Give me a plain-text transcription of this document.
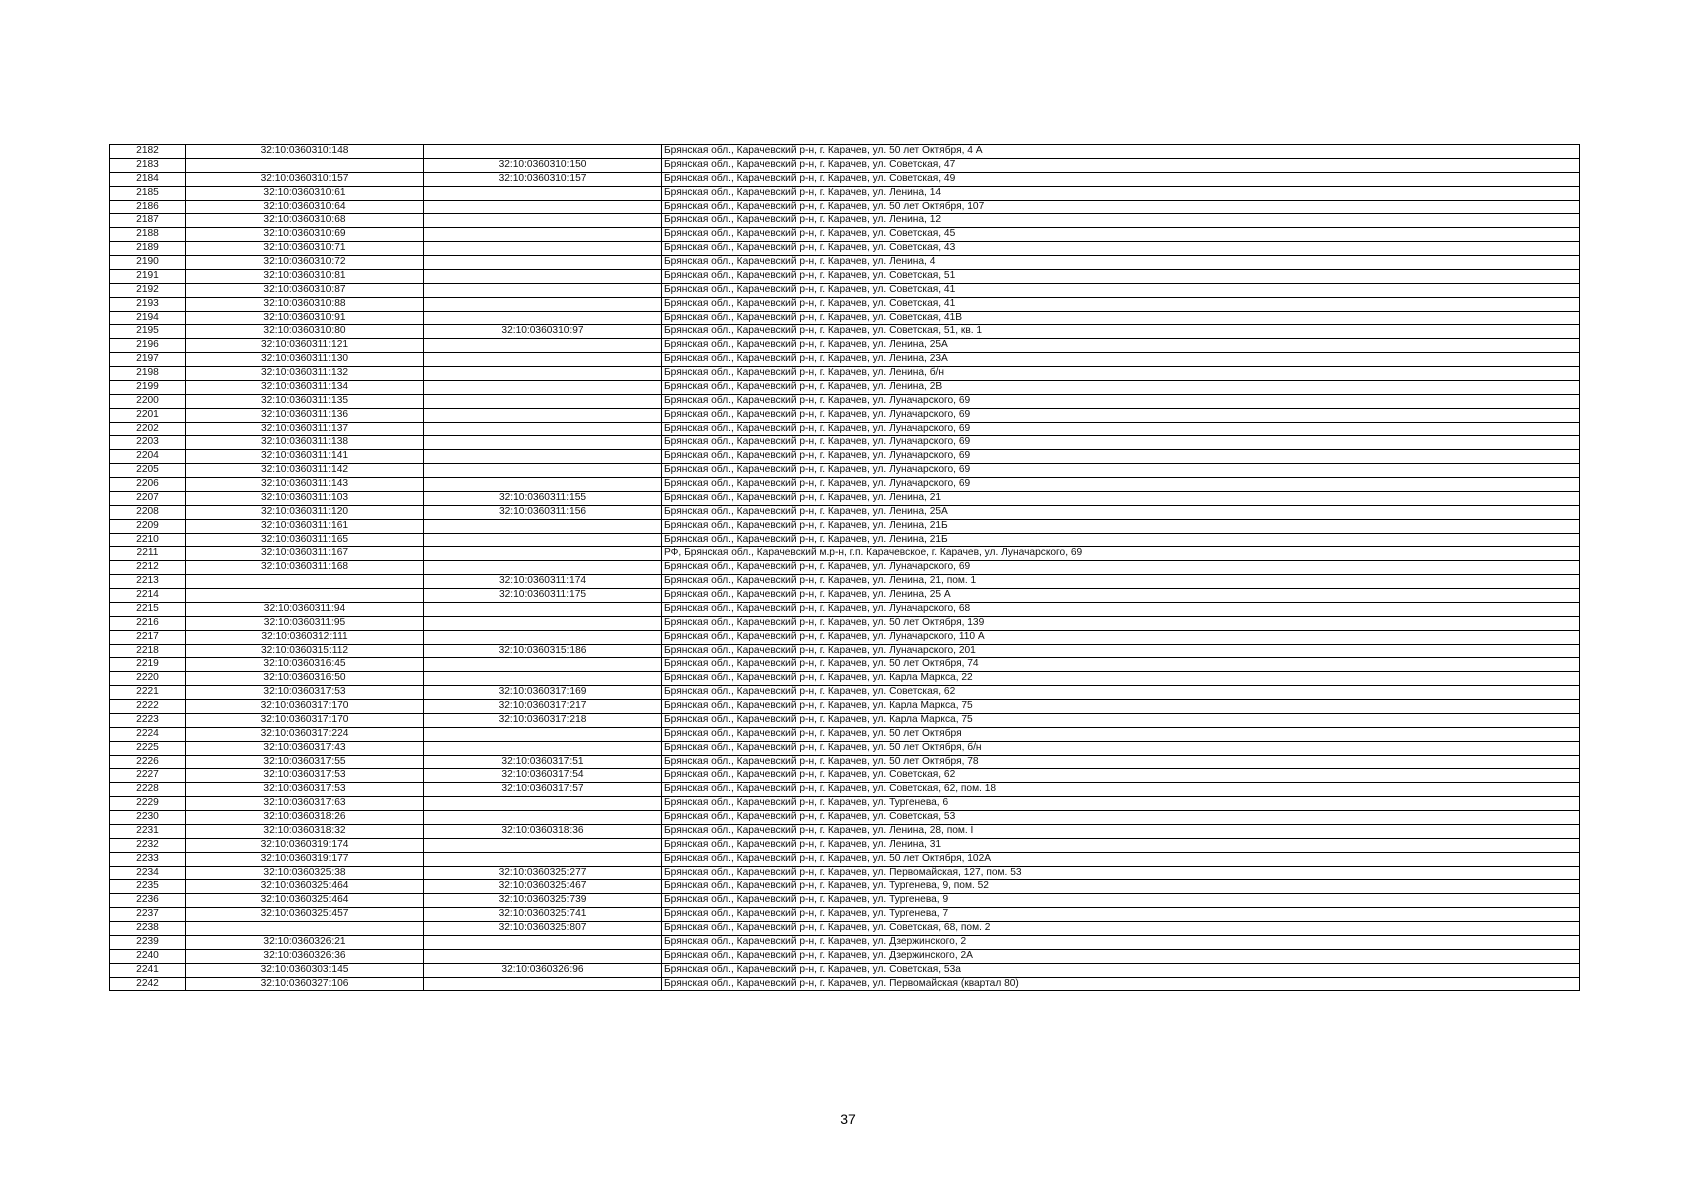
2182	32:10:0360310:148		Брянская обл., Карачевский р-н, г. Карачев, ул. 50 лет Октября, 4 А
2183		32:10:0360310:150	Брянская обл., Карачевский р-н, г. Карачев, ул. Советская, 47
2184	32:10:0360310:157	32:10:0360310:157	Брянская обл., Карачевский р-н, г. Карачев, ул. Советская, 49
2185	32:10:0360310:61		Брянская обл., Карачевский р-н, г. Карачев, ул. Ленина, 14
2186	32:10:0360310:64		Брянская обл., Карачевский р-н, г. Карачев, ул. 50 лет Октября, 107
2187	32:10:0360310:68		Брянская обл., Карачевский р-н, г. Карачев, ул. Ленина, 12
2188	32:10:0360310:69		Брянская обл., Карачевский р-н, г. Карачев, ул. Советская, 45
2189	32:10:0360310:71		Брянская обл., Карачевский р-н, г. Карачев, ул. Советская, 43
2190	32:10:0360310:72		Брянская обл., Карачевский р-н, г. Карачев, ул. Ленина, 4
2191	32:10:0360310:81		Брянская обл., Карачевский р-н, г. Карачев, ул. Советская, 51
2192	32:10:0360310:87		Брянская обл., Карачевский р-н, г. Карачев, ул. Советская, 41
2193	32:10:0360310:88		Брянская обл., Карачевский р-н, г. Карачев, ул. Советская, 41
2194	32:10:0360310:91		Брянская обл., Карачевский р-н, г. Карачев, ул. Советская, 41В
2195	32:10:0360310:80	32:10:0360310:97	Брянская обл., Карачевский р-н, г. Карачев, ул. Советская, 51, кв. 1
2196	32:10:0360311:121		Брянская обл., Карачевский р-н, г. Карачев, ул. Ленина, 25А
2197	32:10:0360311:130		Брянская обл., Карачевский р-н, г. Карачев, ул. Ленина, 23А
2198	32:10:0360311:132		Брянская обл., Карачевский р-н, г. Карачев, ул. Ленина, б/н
2199	32:10:0360311:134		Брянская обл., Карачевский р-н, г. Карачев, ул. Ленина, 2В
2200	32:10:0360311:135		Брянская обл., Карачевский р-н, г. Карачев, ул. Луначарского, 69
2201	32:10:0360311:136		Брянская обл., Карачевский р-н, г. Карачев, ул. Луначарского, 69
2202	32:10:0360311:137		Брянская обл., Карачевский р-н, г. Карачев, ул. Луначарского, 69
2203	32:10:0360311:138		Брянская обл., Карачевский р-н, г. Карачев, ул. Луначарского, 69
2204	32:10:0360311:141		Брянская обл., Карачевский р-н, г. Карачев, ул. Луначарского, 69
2205	32:10:0360311:142		Брянская обл., Карачевский р-н, г. Карачев, ул. Луначарского, 69
2206	32:10:0360311:143		Брянская обл., Карачевский р-н, г. Карачев, ул. Луначарского, 69
2207	32:10:0360311:103	32:10:0360311:155	Брянская обл., Карачевский р-н, г. Карачев, ул. Ленина, 21
2208	32:10:0360311:120	32:10:0360311:156	Брянская обл., Карачевский р-н, г. Карачев, ул. Ленина, 25А
2209	32:10:0360311:161		Брянская обл., Карачевский р-н, г. Карачев, ул. Ленина, 21Б
2210	32:10:0360311:165		Брянская обл., Карачевский р-н, г. Карачев, ул. Ленина, 21Б
2211	32:10:0360311:167		РФ, Брянская обл., Карачевский м.р-н, г.п. Карачевское, г. Карачев, ул. Луначарского, 69
2212	32:10:0360311:168		Брянская обл., Карачевский р-н, г. Карачев, ул. Луначарского, 69
2213		32:10:0360311:174	Брянская обл., Карачевский р-н, г. Карачев, ул. Ленина, 21, пом. 1
2214		32:10:0360311:175	Брянская обл., Карачевский р-н, г. Карачев, ул. Ленина, 25 А
2215	32:10:0360311:94		Брянская обл., Карачевский р-н, г. Карачев, ул. Луначарского, 68
2216	32:10:0360311:95		Брянская обл., Карачевский р-н, г. Карачев, ул. 50 лет Октября, 139
2217	32:10:0360312:111		Брянская обл., Карачевский р-н, г. Карачев, ул. Луначарского, 110 А
2218	32:10:0360315:112	32:10:0360315:186	Брянская обл., Карачевский р-н, г. Карачев, ул. Луначарского, 201
2219	32:10:0360316:45		Брянская обл., Карачевский р-н, г. Карачев, ул. 50 лет Октября, 74
2220	32:10:0360316:50		Брянская обл., Карачевский р-н, г. Карачев, ул. Карла Маркса, 22
2221	32:10:0360317:53	32:10:0360317:169	Брянская обл., Карачевский р-н, г. Карачев, ул. Советская, 62
2222	32:10:0360317:170	32:10:0360317:217	Брянская обл., Карачевский р-н, г. Карачев, ул. Карла Маркса, 75
2223	32:10:0360317:170	32:10:0360317:218	Брянская обл., Карачевский р-н, г. Карачев, ул. Карла Маркса, 75
2224	32:10:0360317:224		Брянская обл., Карачевский р-н, г. Карачев, ул. 50 лет Октября
2225	32:10:0360317:43		Брянская обл., Карачевский р-н, г. Карачев, ул. 50 лет Октября, б/н
2226	32:10:0360317:55	32:10:0360317:51	Брянская обл., Карачевский р-н, г. Карачев, ул. 50 лет Октября, 78
2227	32:10:0360317:53	32:10:0360317:54	Брянская обл., Карачевский р-н, г. Карачев, ул. Советская, 62
2228	32:10:0360317:53	32:10:0360317:57	Брянская обл., Карачевский р-н, г. Карачев, ул. Советская, 62, пом. 18
2229	32:10:0360317:63		Брянская обл., Карачевский р-н, г. Карачев, ул. Тургенева, 6
2230	32:10:0360318:26		Брянская обл., Карачевский р-н, г. Карачев, ул. Советская, 53
2231	32:10:0360318:32	32:10:0360318:36	Брянская обл., Карачевский р-н, г. Карачев, ул. Ленина, 28, пом. I
2232	32:10:0360319:174		Брянская обл., Карачевский р-н, г. Карачев, ул. Ленина, 31
2233	32:10:0360319:177		Брянская обл., Карачевский р-н, г. Карачев, ул. 50 лет Октября, 102А
2234	32:10:0360325:38	32:10:0360325:277	Брянская обл., Карачевский р-н, г. Карачев, ул. Первомайская, 127, пом. 53
2235	32:10:0360325:464	32:10:0360325:467	Брянская обл., Карачевский р-н, г. Карачев, ул. Тургенева, 9, пом. 52
2236	32:10:0360325:464	32:10:0360325:739	Брянская обл., Карачевский р-н, г. Карачев, ул. Тургенева, 9
2237	32:10:0360325:457	32:10:0360325:741	Брянская обл., Карачевский р-н, г. Карачев, ул. Тургенева, 7
2238		32:10:0360325:807	Брянская обл., Карачевский р-н, г. Карачев, ул. Советская, 68, пом. 2
2239	32:10:0360326:21		Брянская обл., Карачевский р-н, г. Карачев, ул. Дзержинского, 2
2240	32:10:0360326:36		Брянская обл., Карачевский р-н, г. Карачев, ул. Дзержинского, 2А
2241	32:10:0360303:145	32:10:0360326:96	Брянская обл., Карачевский р-н, г. Карачев, ул. Советская, 53а
2242	32:10:0360327:106		Брянская обл., Карачевский р-н, г. Карачев, ул. Первомайская (квартал 80)
37
